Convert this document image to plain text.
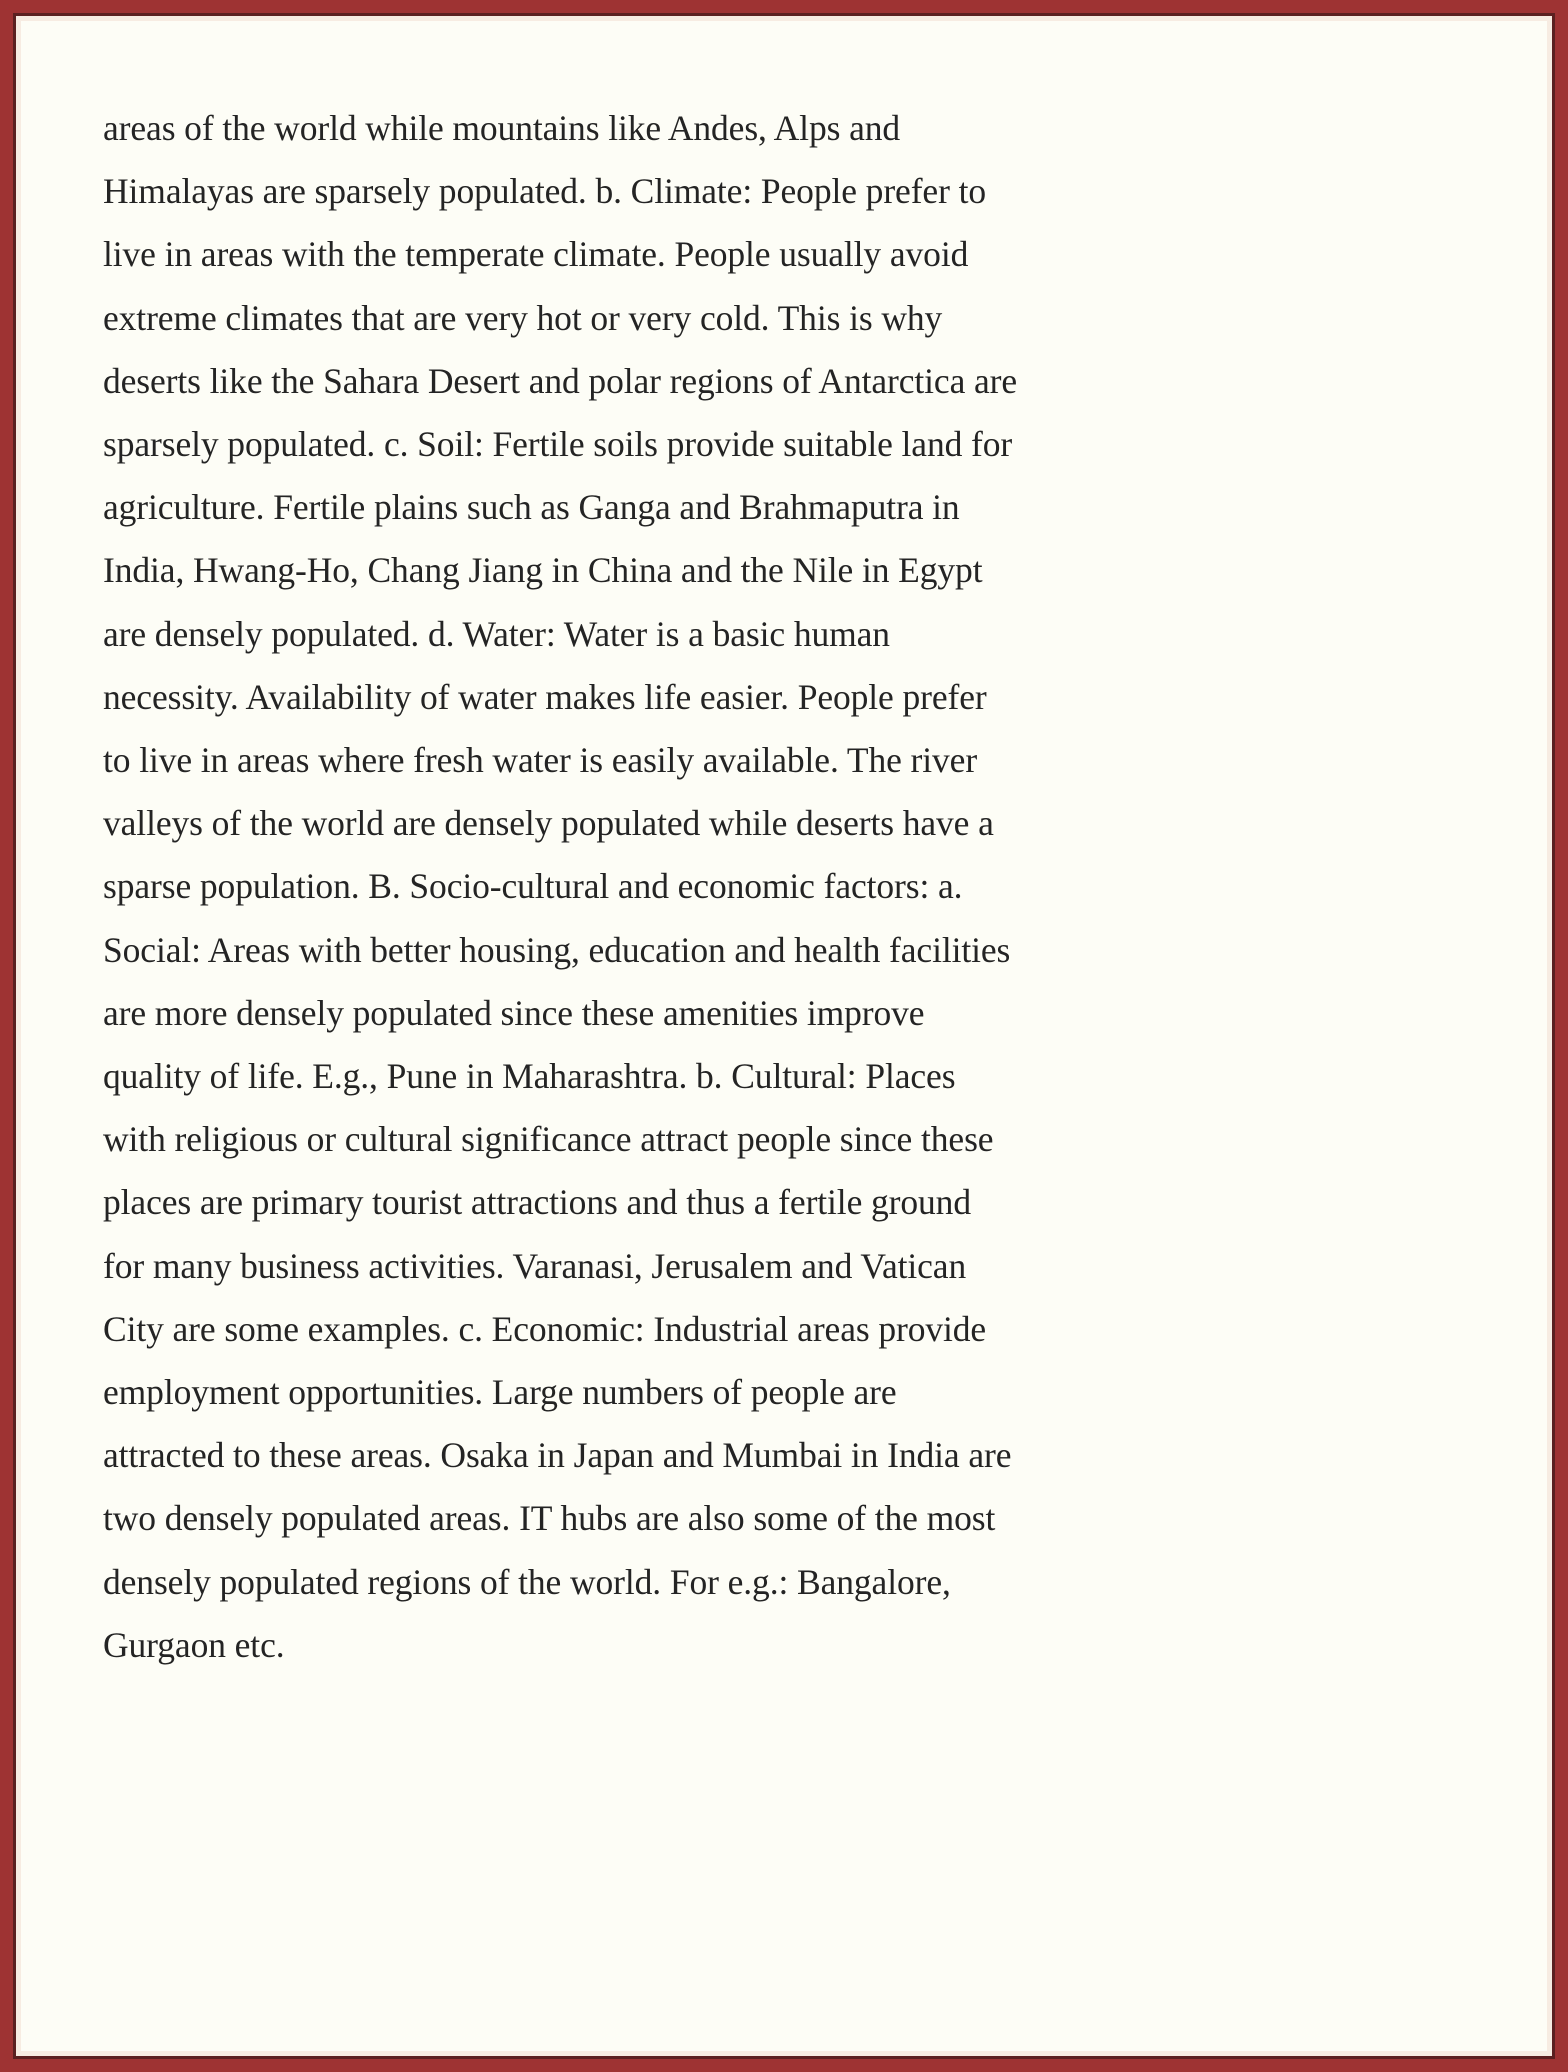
areas of the world while mountains like Andes, Alps and
Himalayas are sparsely populated. b. Climate: People prefer to
live in areas with the temperate climate. People usually avoid
extreme climates that are very hot or very cold. This is why
deserts like the Sahara Desert and polar regions of Antarctica are
sparsely populated. c. Soil: Fertile soils provide suitable land for
agriculture. Fertile plains such as Ganga and Brahmaputra in
India, Hwang-Ho, Chang Jiang in China and the Nile in Egypt
are densely populated. d. Water: Water is a basic human
necessity. Availability of water makes life easier. People prefer
to live in areas where fresh water is easily available. The river
valleys of the world are densely populated while deserts have a
sparse population. B. Socio-cultural and economic factors: a.
Social: Areas with better housing, education and health facilities
are more densely populated since these amenities improve
quality of life. E.g., Pune in Maharashtra. b. Cultural: Places
with religious or cultural significance attract people since these
places are primary tourist attractions and thus a fertile ground
for many business activities. Varanasi, Jerusalem and Vatican
City are some examples. c. Economic: Industrial areas provide
employment opportunities. Large numbers of people are
attracted to these areas. Osaka in Japan and Mumbai in India are
two densely populated areas. IT hubs are also some of the most
densely populated regions of the world. For e.g.: Bangalore,
Gurgaon etc.
